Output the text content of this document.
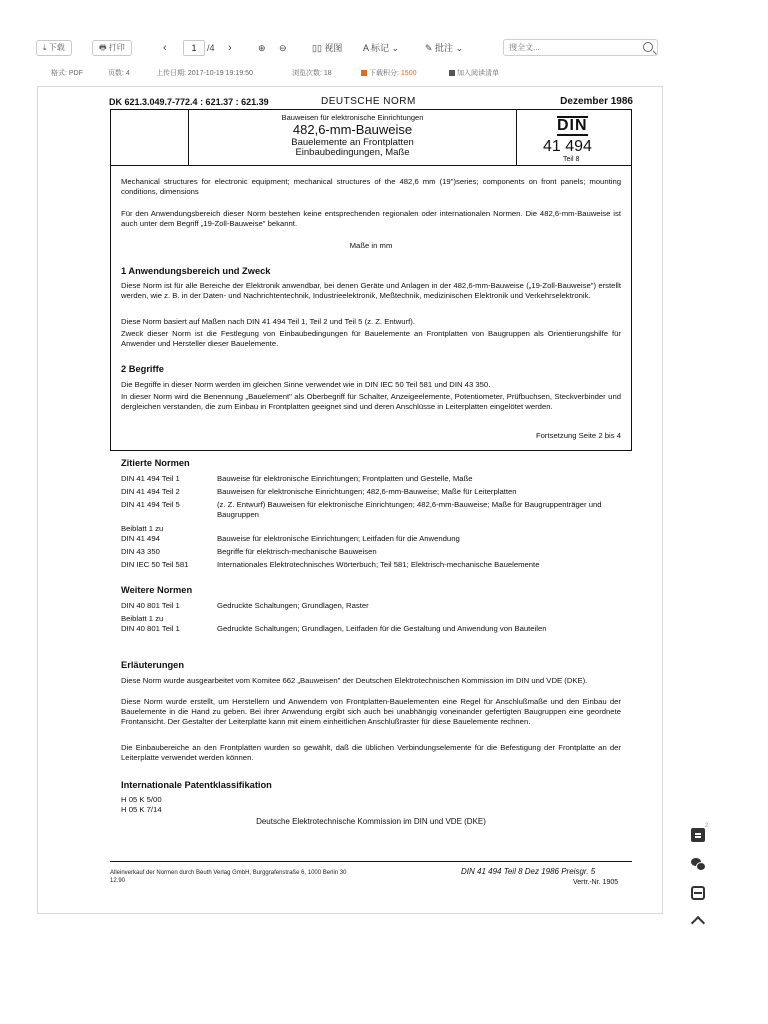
⤓ 下载	🖶 打印	‹	1	/4 ›	⊕ ⊖	▯▯ 视图 A 标记 ⌄	✎ 批注 ⌄	搜全文...
格式: PDF	页数: 4	上传日期: 2017-10-19 19:19:50	浏览次数: 18	下载积分: 1500	加入阅读清单
DK 621.3.049.7-772.4 : 621.37 : 621.39	DEUTSCHE NORM	Dezember 1986
Bauweisen für elektronische Einrichtungen
482,6-mm-Bauweise
Bauelemente an Frontplatten
Einbaubedingungen, Maße
DIN
41 494
Teil 8
Mechanical structures for electronic equipment; mechanical structures of the 482,6 mm (19")series; components on front panels; mounting conditions, dimensions
Für den Anwendungsbereich dieser Norm bestehen keine entsprechenden regionalen oder internationalen Normen. Die 482,6-mm-Bauweise ist auch unter dem Begriff „19-Zoll-Bauweise" bekannt.
Maße in mm
1 Anwendungsbereich und Zweck
Diese Norm ist für alle Bereiche der Elektronik anwendbar, bei denen Geräte und Anlagen in der 482,6-mm-Bauweise („19-Zoll-Bauweise") erstellt werden, wie z. B. in der Daten- und Nachrichtentechnik, Industrieelektronik, Meßtechnik, medizinischen Elektronik und Verkehrselektronik.
Diese Norm basiert auf Maßen nach DIN 41 494 Teil 1, Teil 2 und Teil 5 (z. Z. Entwurf).
Zweck dieser Norm ist die Festlegung von Einbaubedingungen für Bauelemente an Frontplatten von Baugruppen als Orientierungshilfe für Anwender und Hersteller dieser Bauelemente.
2 Begriffe
Die Begriffe in dieser Norm werden im gleichen Sinne verwendet wie in DIN IEC 50 Teil 581 und DIN 43 350.
In dieser Norm wird die Benennung „Bauelement" als Oberbegriff für Schalter, Anzeigeelemente, Potentiometer, Prüfbuchsen, Steckverbinder und dergleichen verstanden, die zum Einbau in Frontplatten geeignet sind und deren Anschlüsse in Leiterplatten eingelötet werden.
Fortsetzung Seite 2 bis 4
Zitierte Normen
DIN 41 494 Teil 1	Bauweise für elektronische Einrichtungen; Frontplatten und Gestelle, Maße
DIN 41 494 Teil 2	Bauweisen für elektronische Einrichtungen; 482,6-mm-Bauweise; Maße für Leiterplatten
DIN 41 494 Teil 5	(z. Z. Entwurf) Bauweisen für elektronische Einrichtungen; 482,6-mm-Bauweise; Maße für Baugruppenträger und Baugruppen
Beiblatt 1 zu
DIN 41 494	Bauweise für elektronische Einrichtungen; Leitfaden für die Anwendung
DIN 43 350	Begriffe für elektrisch-mechanische Bauweisen
DIN IEC 50 Teil 581	Internationales Elektrotechnisches Wörterbuch; Teil 581; Elektrisch-mechanische Bauelemente
Weitere Normen
DIN 40 801 Teil 1	Gedruckte Schaltungen; Grundlagen, Raster
Beiblatt 1 zu
DIN 40 801 Teil 1	Gedruckte Schaltungen; Grundlagen, Leitfaden für die Gestaltung und Anwendung von Bauteilen
Erläuterungen
Diese Norm wurde ausgearbeitet vom Komitee 662 „Bauweisen" der Deutschen Elektrotechnischen Kommission im DIN und VDE (DKE).
Diese Norm wurde erstellt, um Herstellern und Anwendern von Frontplatten-Bauelementen eine Regel für Anschlußmaße und den Einbau der Bauelemente in die Hand zu geben. Bei ihrer Anwendung ergibt sich auch bei unabhängig voneinander gefertigten Baugruppen eine geordnete Frontansicht. Der Gestalter der Leiterplatte kann mit einem einheitlichen Anschlußraster für diese Bauelemente rechnen.
Die Einbaubereiche an den Frontplatten wurden so gewählt, daß die üblichen Verbindungselemente für die Befestigung der Frontplatte an der Leiterplatte verwendet werden können.
Internationale Patentklassifikation
H 05 K 5/00
H 05 K 7/14
Deutsche Elektrotechnische Kommission im DIN und VDE (DKE)
Alleinverkauf der Normen durch Beuth Verlag GmbH, Burggrafenstraße 6, 1000 Berlin 30
12.90
DIN 41 494 Teil 8 Dez 1986 Preisgr. 5
Vertr.-Nr. 1905
2
